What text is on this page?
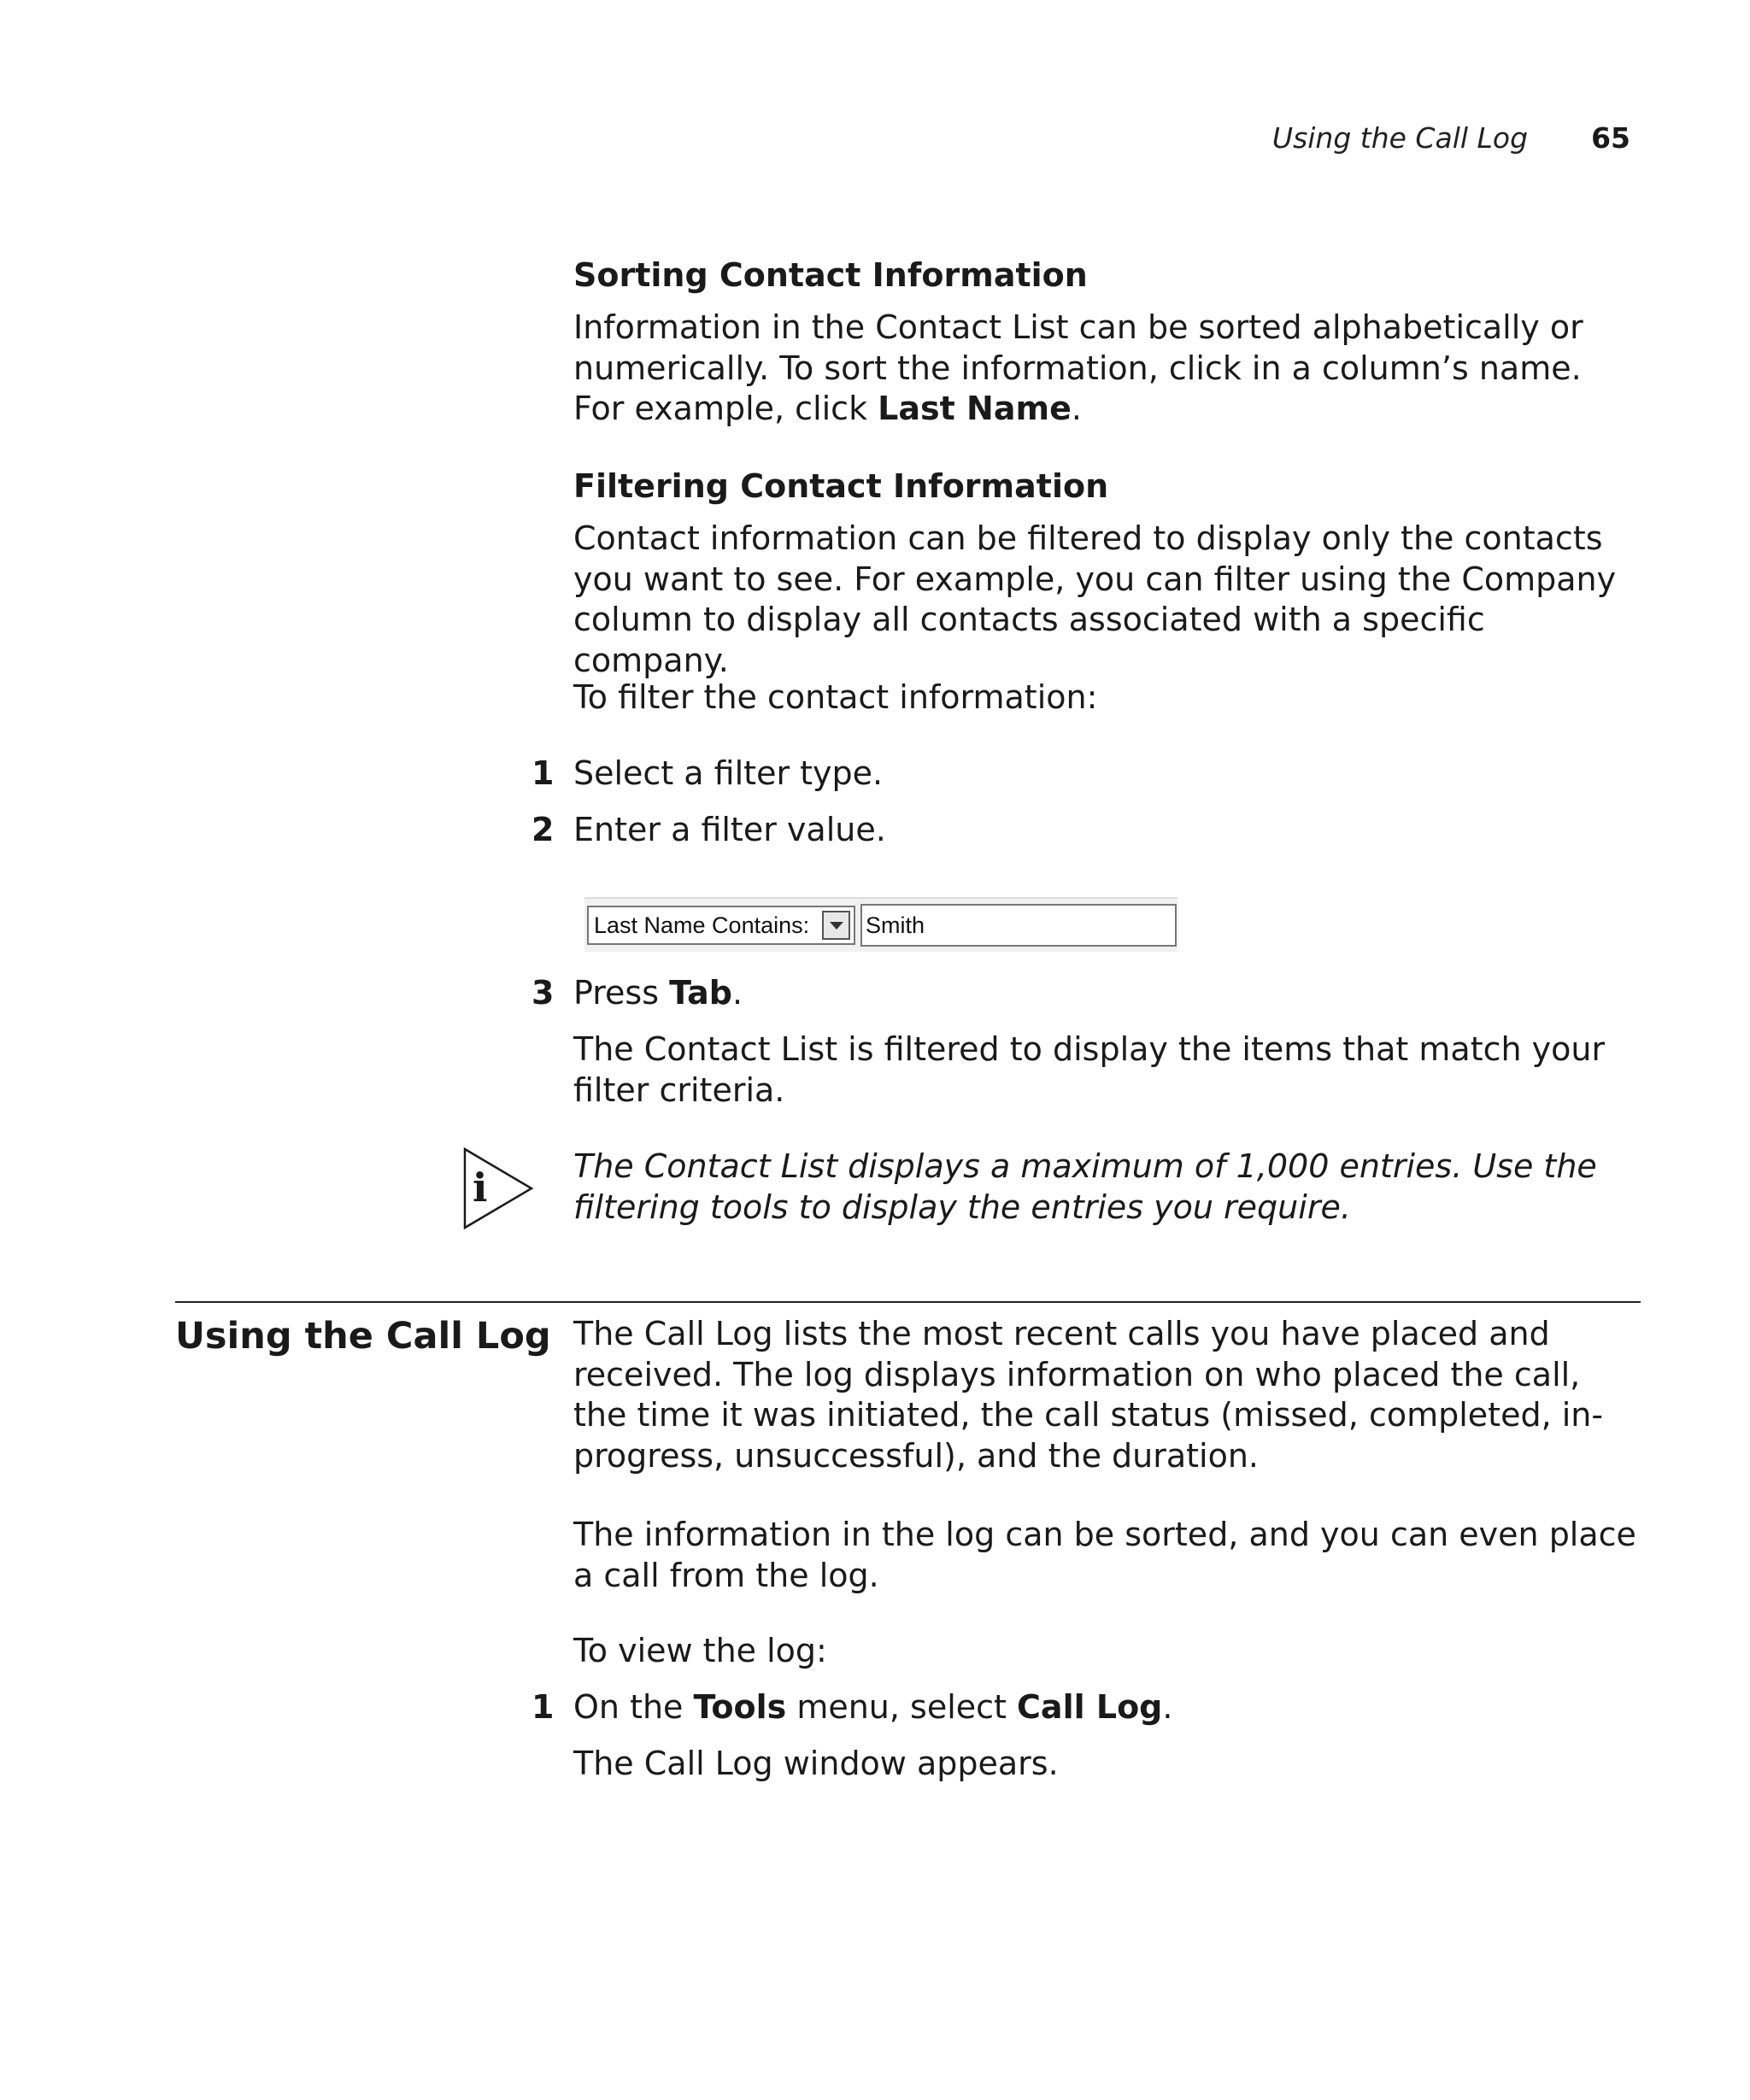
Using the Call Log 65
Sorting Contact Information

Information in the Contact List can be sorted alphabetically or numerically. To sort the information, click in a column’s name. For example, click Last Name.

Filtering Contact Information

Contact information can be filtered to display only the contacts you want to see. For example, you can filter using the Company column to display all contacts associated with a specific company.

To filter the contact information:

1 Select a filter type.

2 Enter a filter value.

Last Name Contains:	Smith
3 Press Tab.

The Contact List is filtered to display the items that match your filter criteria.

i	The Contact List displays a maximum of 1,000 entries. Use the filtering tools to display the entries you require.

Using the Call Log The Call Log lists the most recent calls you have placed and received. The log displays information on who placed the call, the time it was initiated, the call status (missed, completed, in-progress, unsuccessful), and the duration.

The information in the log can be sorted, and you can even place a call from the log.

To view the log:

1 On the Tools menu, select Call Log.

The Call Log window appears.
